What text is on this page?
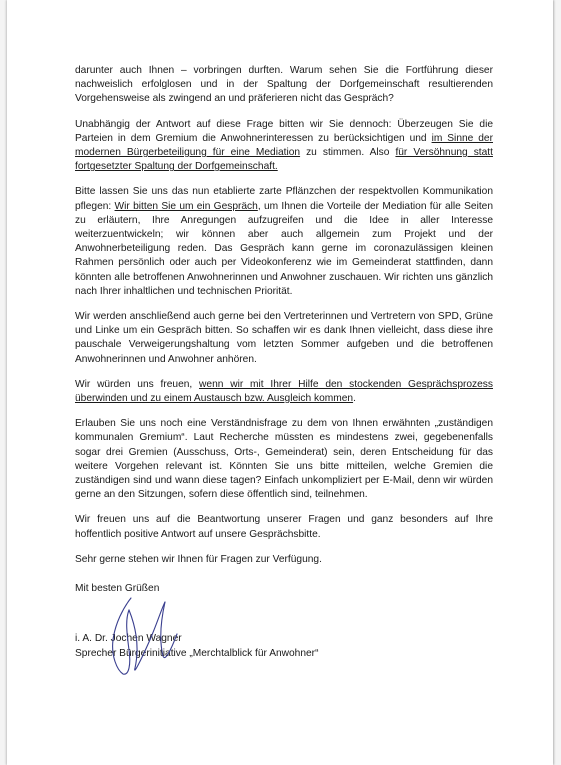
darunter auch Ihnen – vorbringen durften. Warum sehen Sie die Fortführung dieser nachweislich erfolglosen und in der Spaltung der Dorfgemeinschaft resultierenden Vorgehensweise als zwingend an und präferieren nicht das Gespräch?

Unabhängig der Antwort auf diese Frage bitten wir Sie dennoch: Überzeugen Sie die Parteien in dem Gremium die Anwohnerinteressen zu berücksichtigen und im Sinne der modernen Bürgerbeteiligung für eine Mediation zu stimmen. Also für Versöhnung statt fortgesetzter Spaltung der Dorfgemeinschaft.

Bitte lassen Sie uns das nun etablierte zarte Pflänzchen der respektvollen Kommunikation pflegen: Wir bitten Sie um ein Gespräch, um Ihnen die Vorteile der Mediation für alle Seiten zu erläutern, Ihre Anregungen aufzugreifen und die Idee in aller Interesse weiterzuentwickeln; wir können aber auch allgemein zum Projekt und der Anwohnerbeteiligung reden. Das Gespräch kann gerne im coronazulässigen kleinen Rahmen persönlich oder auch per Videokonferenz wie im Gemeinderat stattfinden, dann könnten alle betroffenen Anwohnerinnen und Anwohner zuschauen. Wir richten uns gänzlich nach Ihrer inhaltlichen und technischen Priorität.

Wir werden anschließend auch gerne bei den Vertreterinnen und Vertretern von SPD, Grüne und Linke um ein Gespräch bitten. So schaffen wir es dank Ihnen vielleicht, dass diese ihre pauschale Verweigerungshaltung vom letzten Sommer aufgeben und die betroffenen Anwohnerinnen und Anwohner anhören.

Wir würden uns freuen, wenn wir mit Ihrer Hilfe den stockenden Gesprächsprozess überwinden und zu einem Austausch bzw. Ausgleich kommen.

Erlauben Sie uns noch eine Verständnisfrage zu dem von Ihnen erwähnten „zuständigen kommunalen Gremium“. Laut Recherche müssten es mindestens zwei, gegebenenfalls sogar drei Gremien (Ausschuss, Orts-, Gemeinderat) sein, deren Entscheidung für das weitere Vorgehen relevant ist. Könnten Sie uns bitte mitteilen, welche Gremien die zuständigen sind und wann diese tagen? Einfach unkompliziert per E-Mail, denn wir würden gerne an den Sitzungen, sofern diese öffentlich sind, teilnehmen.

Wir freuen uns auf die Beantwortung unserer Fragen und ganz besonders auf Ihre hoffentlich positive Antwort auf unsere Gesprächsbitte.

Sehr gerne stehen wir Ihnen für Fragen zur Verfügung.

Mit besten Grüßen

i. A. Dr. Jochen Wagner
Sprecher Bürgerinitiative „Merchtalblick für Anwohner“
